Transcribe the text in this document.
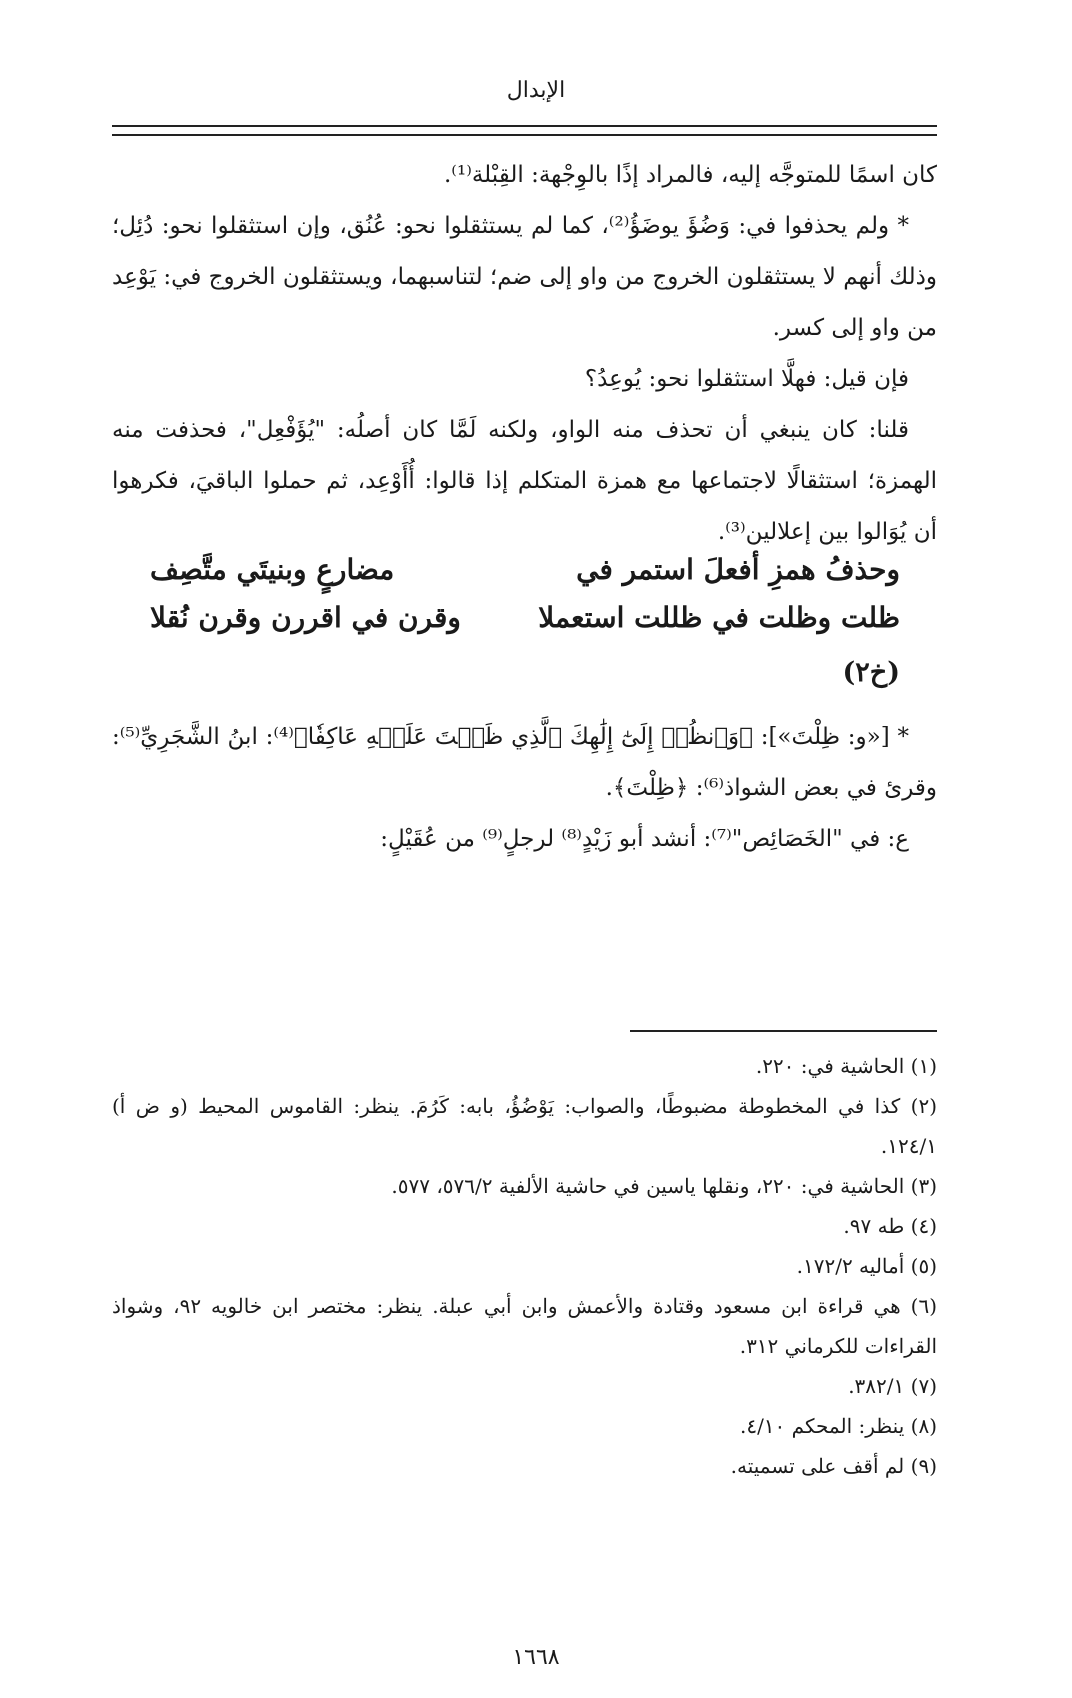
الإبدال

كان اسمًا للمتوجَّه إليه، فالمراد إذًا بالوِجْهة: القِبْلة⁽¹⁾.

* ولم يحذفوا في: وَضُؤَ يوضَؤُ⁽²⁾، كما لم يستثقلوا نحو: عُنُق، وإن استثقلوا نحو: دُئِل؛ وذلك أنهم لا يستثقلون الخروج من واو إلى ضم؛ لتناسبهما، ويستثقلون الخروج في: يَوْعِد من واو إلى كسر.

فإن قيل: فهلَّا استثقلوا نحو: يُوعِدُ؟

قلنا: كان ينبغي أن تحذف منه الواو، ولكنه لَمَّا كان أصلُه: "يُؤَفْعِل"، فحذفت منه الهمزة؛ استثقالًا لاجتماعها مع همزة المتكلم إذا قالوا: أُأَوْعِد، ثم حملوا الباقيَ، فكرهوا أن يُوَالوا بين إعلالين⁽³⁾.

وحذفُ همزِ أفعلَ استمر في
مضارعٍ وبنيتَي متَّصِف
ظلت وظلت في ظللت استعملا
وقرن في اقررن وقرن نُقلا
(خ٢)

* [«و: ظِلْتَ»]: ﴿وَٱنظُرۡ إِلَىٰٓ إِلَٰهِكَ ٱلَّذِي ظَلۡتَ عَلَيۡهِ عَاكِفٗا﴾⁽⁴⁾: ابنُ الشَّجَرِيِّ⁽⁵⁾: وقرئ في بعض الشواذ⁽⁶⁾: ﴿ظِلْتَ﴾.

ع: في "الخَصَائِص"⁽⁷⁾: أنشد أبو زَيْدٍ⁽⁸⁾ لرجلٍ⁽⁹⁾ من عُقَيْلٍ:

(١) الحاشية في: ٢٢٠.

(٢) كذا في المخطوطة مضبوطًا، والصواب: يَوْضُؤُ، بابه: كَرُمَ. ينظر: القاموس المحيط (و ض أ) ١٢٤/١.

(٣) الحاشية في: ٢٢٠، ونقلها ياسين في حاشية الألفية ٥٧٦/٢، ٥٧٧.

(٤) طه ٩٧.

(٥) أماليه ١٧٢/٢.

(٦) هي قراءة ابن مسعود وقتادة والأعمش وابن أبي عبلة. ينظر: مختصر ابن خالويه ٩٢، وشواذ القراءات للكرماني ٣١٢.

(٧) ٣٨٢/١.

(٨) ينظر: المحكم ٤/١٠.

(٩) لم أقف على تسميته.

١٦٦٨
